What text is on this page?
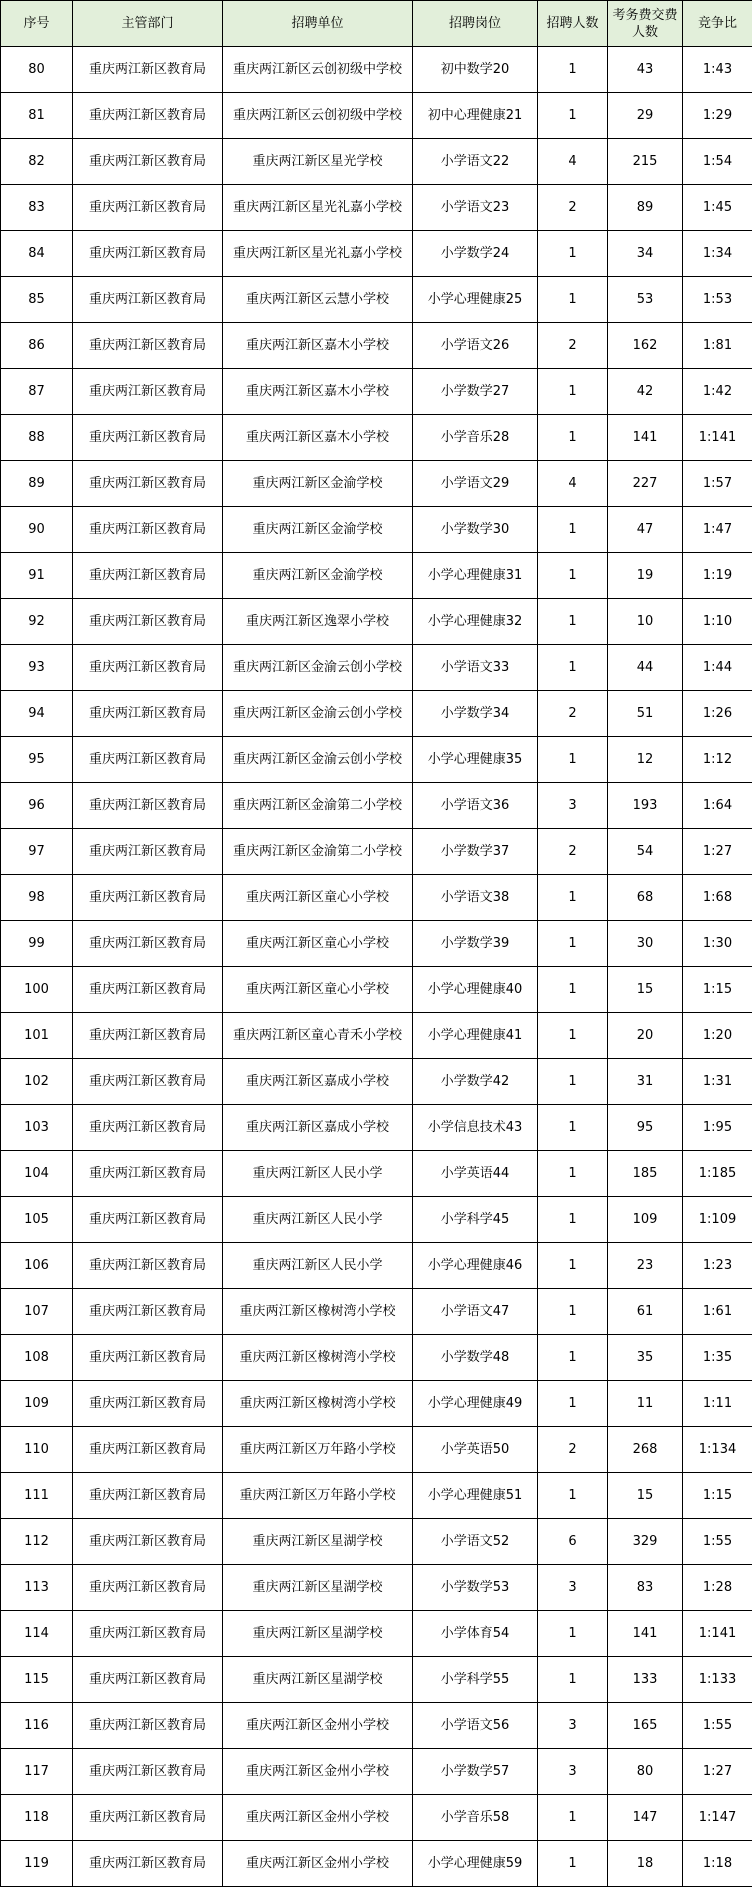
序号	主管部门	招聘单位	招聘岗位	招聘人数	考务费交费人数	竞争比
80	重庆两江新区教育局	重庆两江新区云创初级中学校	初中数学20	1	43	1:43
81	重庆两江新区教育局	重庆两江新区云创初级中学校	初中心理健康21	1	29	1:29
82	重庆两江新区教育局	重庆两江新区星光学校	小学语文22	4	215	1:54
83	重庆两江新区教育局	重庆两江新区星光礼嘉小学校	小学语文23	2	89	1:45
84	重庆两江新区教育局	重庆两江新区星光礼嘉小学校	小学数学24	1	34	1:34
85	重庆两江新区教育局	重庆两江新区云慧小学校	小学心理健康25	1	53	1:53
86	重庆两江新区教育局	重庆两江新区嘉木小学校	小学语文26	2	162	1:81
87	重庆两江新区教育局	重庆两江新区嘉木小学校	小学数学27	1	42	1:42
88	重庆两江新区教育局	重庆两江新区嘉木小学校	小学音乐28	1	141	1:141
89	重庆两江新区教育局	重庆两江新区金渝学校	小学语文29	4	227	1:57
90	重庆两江新区教育局	重庆两江新区金渝学校	小学数学30	1	47	1:47
91	重庆两江新区教育局	重庆两江新区金渝学校	小学心理健康31	1	19	1:19
92	重庆两江新区教育局	重庆两江新区逸翠小学校	小学心理健康32	1	10	1:10
93	重庆两江新区教育局	重庆两江新区金渝云创小学校	小学语文33	1	44	1:44
94	重庆两江新区教育局	重庆两江新区金渝云创小学校	小学数学34	2	51	1:26
95	重庆两江新区教育局	重庆两江新区金渝云创小学校	小学心理健康35	1	12	1:12
96	重庆两江新区教育局	重庆两江新区金渝第二小学校	小学语文36	3	193	1:64
97	重庆两江新区教育局	重庆两江新区金渝第二小学校	小学数学37	2	54	1:27
98	重庆两江新区教育局	重庆两江新区童心小学校	小学语文38	1	68	1:68
99	重庆两江新区教育局	重庆两江新区童心小学校	小学数学39	1	30	1:30
100	重庆两江新区教育局	重庆两江新区童心小学校	小学心理健康40	1	15	1:15
101	重庆两江新区教育局	重庆两江新区童心青禾小学校	小学心理健康41	1	20	1:20
102	重庆两江新区教育局	重庆两江新区嘉成小学校	小学数学42	1	31	1:31
103	重庆两江新区教育局	重庆两江新区嘉成小学校	小学信息技术43	1	95	1:95
104	重庆两江新区教育局	重庆两江新区人民小学	小学英语44	1	185	1:185
105	重庆两江新区教育局	重庆两江新区人民小学	小学科学45	1	109	1:109
106	重庆两江新区教育局	重庆两江新区人民小学	小学心理健康46	1	23	1:23
107	重庆两江新区教育局	重庆两江新区橡树湾小学校	小学语文47	1	61	1:61
108	重庆两江新区教育局	重庆两江新区橡树湾小学校	小学数学48	1	35	1:35
109	重庆两江新区教育局	重庆两江新区橡树湾小学校	小学心理健康49	1	11	1:11
110	重庆两江新区教育局	重庆两江新区万年路小学校	小学英语50	2	268	1:134
111	重庆两江新区教育局	重庆两江新区万年路小学校	小学心理健康51	1	15	1:15
112	重庆两江新区教育局	重庆两江新区星湖学校	小学语文52	6	329	1:55
113	重庆两江新区教育局	重庆两江新区星湖学校	小学数学53	3	83	1:28
114	重庆两江新区教育局	重庆两江新区星湖学校	小学体育54	1	141	1:141
115	重庆两江新区教育局	重庆两江新区星湖学校	小学科学55	1	133	1:133
116	重庆两江新区教育局	重庆两江新区金州小学校	小学语文56	3	165	1:55
117	重庆两江新区教育局	重庆两江新区金州小学校	小学数学57	3	80	1:27
118	重庆两江新区教育局	重庆两江新区金州小学校	小学音乐58	1	147	1:147
119	重庆两江新区教育局	重庆两江新区金州小学校	小学心理健康59	1	18	1:18
